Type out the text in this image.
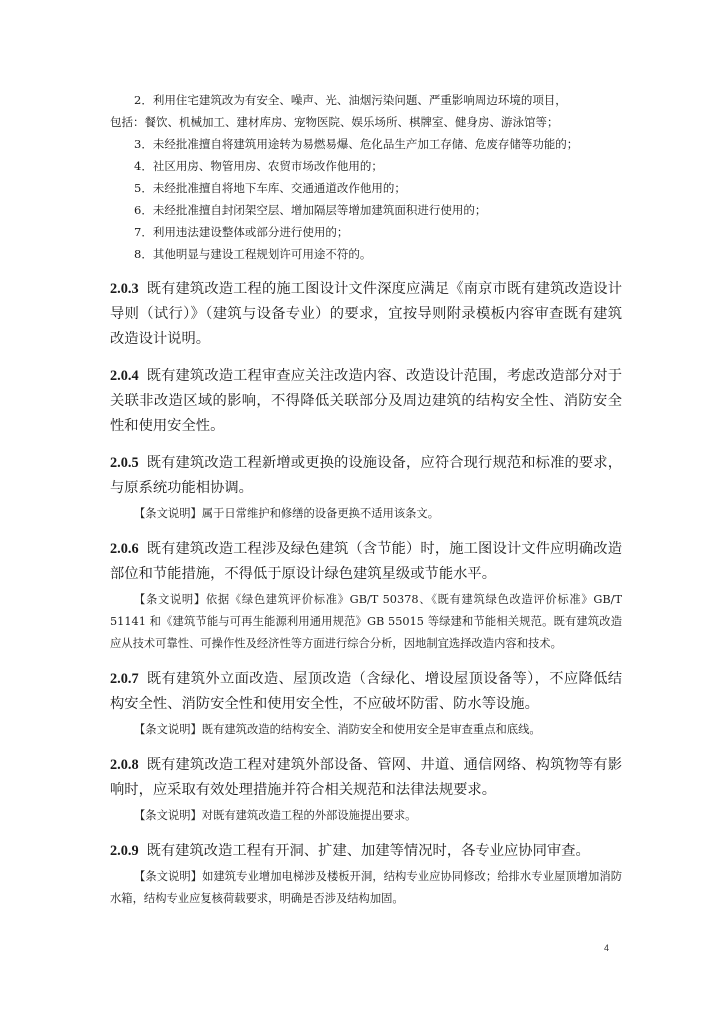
2．利用住宅建筑改为有安全、噪声、光、油烟污染问题、严重影响周边环境的项目，

包括：餐饮、机械加工、建材库房、宠物医院、娱乐场所、棋牌室、健身房、游泳馆等；

3．未经批准擅自将建筑用途转为易燃易爆、危化品生产加工存储、危废存储等功能的；

4．社区用房、物管用房、农贸市场改作他用的；

5．未经批准擅自将地下车库、交通通道改作他用的；

6．未经批准擅自封闭架空层、增加隔层等增加建筑面积进行使用的；

7．利用违法建设整体或部分进行使用的；

8．其他明显与建设工程规划许可用途不符的。

2.0.3 既有建筑改造工程的施工图设计文件深度应满足《南京市既有建筑改造设计导则（试行）》（建筑与设备专业）的要求，宜按导则附录模板内容审查既有建筑改造设计说明。

2.0.4 既有建筑改造工程审查应关注改造内容、改造设计范围，考虑改造部分对于关联非改造区域的影响，不得降低关联部分及周边建筑的结构安全性、消防安全性和使用安全性。

2.0.5 既有建筑改造工程新增或更换的设施设备，应符合现行规范和标准的要求，与原系统功能相协调。

【条文说明】属于日常维护和修缮的设备更换不适用该条文。

2.0.6 既有建筑改造工程涉及绿色建筑（含节能）时，施工图设计文件应明确改造部位和节能措施，不得低于原设计绿色建筑星级或节能水平。

【条文说明】依据《绿色建筑评价标准》GB/T 50378、《既有建筑绿色改造评价标准》GB/T 51141 和《建筑节能与可再生能源利用通用规范》GB 55015 等绿建和节能相关规范。既有建筑改造应从技术可靠性、可操作性及经济性等方面进行综合分析，因地制宜选择改造内容和技术。

2.0.7 既有建筑外立面改造、屋顶改造（含绿化、增设屋顶设备等），不应降低结构安全性、消防安全性和使用安全性，不应破坏防雷、防水等设施。

【条文说明】既有建筑改造的结构安全、消防安全和使用安全是审查重点和底线。

2.0.8 既有建筑改造工程对建筑外部设备、管网、井道、通信网络、构筑物等有影响时，应采取有效处理措施并符合相关规范和法律法规要求。

【条文说明】对既有建筑改造工程的外部设施提出要求。

2.0.9 既有建筑改造工程有开洞、扩建、加建等情况时，各专业应协同审查。

【条文说明】如建筑专业增加电梯涉及楼板开洞，结构专业应协同修改；给排水专业屋顶增加消防水箱，结构专业应复核荷载要求，明确是否涉及结构加固。

4
